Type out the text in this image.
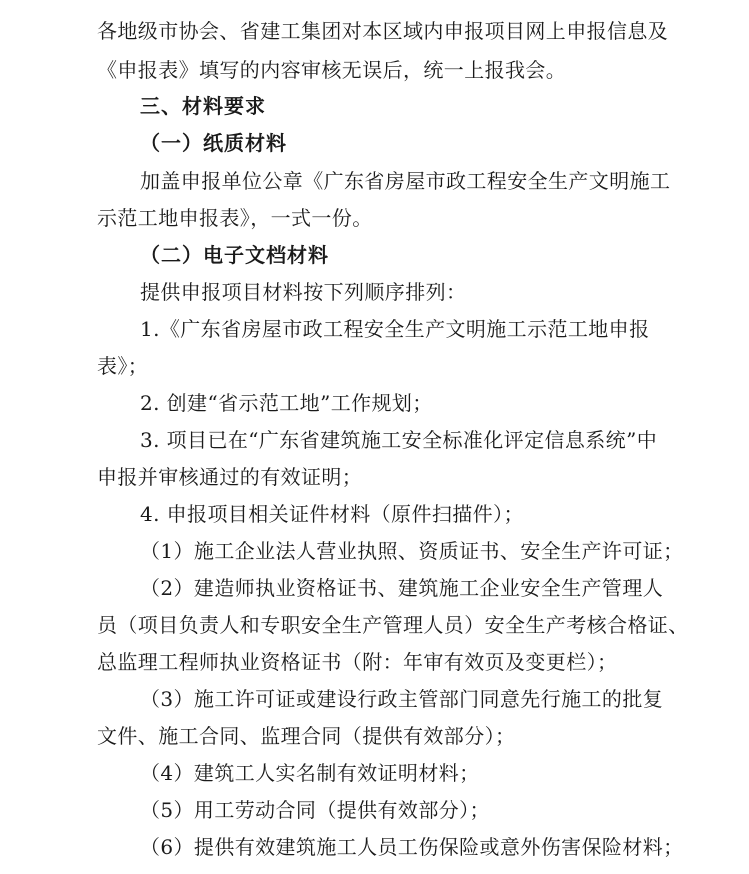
各地级市协会、省建工集团对本区域内申报项目网上申报信息及
《申报表》填写的内容审核无误后，统一上报我会。
三、材料要求
（一）纸质材料
加盖申报单位公章《广东省房屋市政工程安全生产文明施工
示范工地申报表》，一式一份。
（二）电子文档材料
提供申报项目材料按下列顺序排列：
1.《广东省房屋市政工程安全生产文明施工示范工地申报
表》；
2. 创建“省示范工地”工作规划；
3. 项目已在“广东省建筑施工安全标准化评定信息系统”中
申报并审核通过的有效证明；
4. 申报项目相关证件材料（原件扫描件）；
（1）施工企业法人营业执照、资质证书、安全生产许可证；
（2）建造师执业资格证书、建筑施工企业安全生产管理人
员（项目负责人和专职安全生产管理人员）安全生产考核合格证、
总监理工程师执业资格证书（附：年审有效页及变更栏）；
（3）施工许可证或建设行政主管部门同意先行施工的批复
文件、施工合同、监理合同（提供有效部分）；
（4）建筑工人实名制有效证明材料；
（5）用工劳动合同（提供有效部分）；
（6）提供有效建筑施工人员工伤保险或意外伤害保险材料；
